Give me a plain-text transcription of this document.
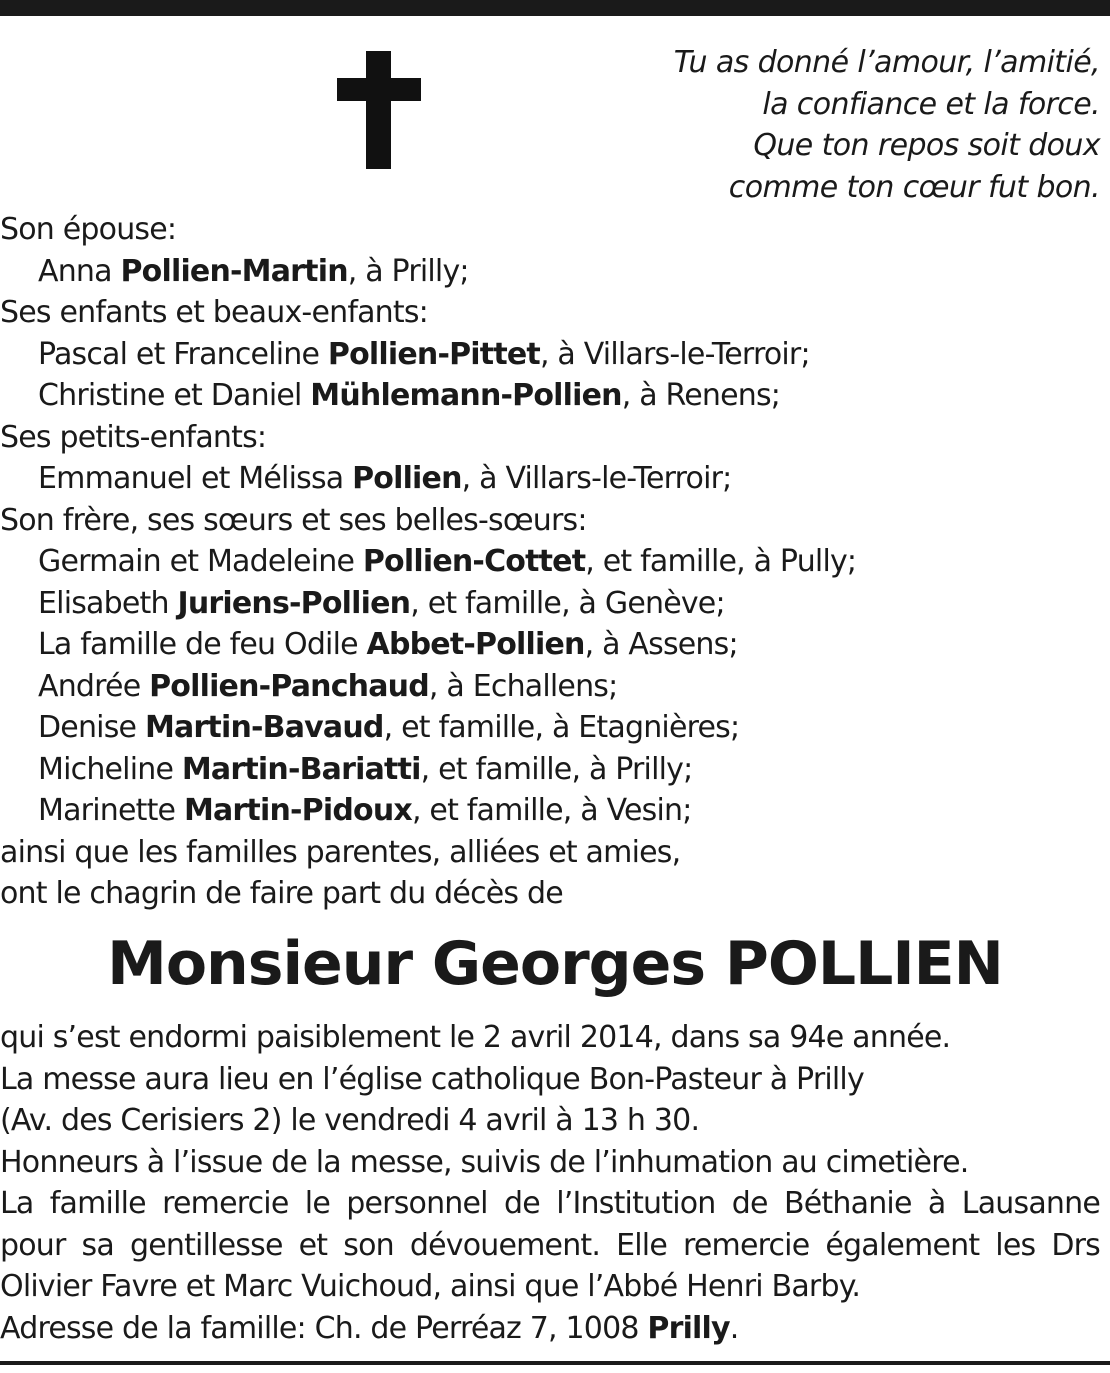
Tu as donné l’amour, l’amitié,
la confiance et la force.
Que ton repos soit doux
comme ton cœur fut bon.
Son épouse:
Anna Pollien-Martin, à Prilly;
Ses enfants et beaux-enfants:
Pascal et Franceline Pollien-Pittet, à Villars-le-Terroir;
Christine et Daniel Mühlemann-Pollien, à Renens;
Ses petits-enfants:
Emmanuel et Mélissa Pollien, à Villars-le-Terroir;
Son frère, ses sœurs et ses belles-sœurs:
Germain et Madeleine Pollien-Cottet, et famille, à Pully;
Elisabeth Juriens-Pollien, et famille, à Genève;
La famille de feu Odile Abbet-Pollien, à Assens;
Andrée Pollien-Panchaud, à Echallens;
Denise Martin-Bavaud, et famille, à Etagnières;
Micheline Martin-Bariatti, et famille, à Prilly;
Marinette Martin-Pidoux, et famille, à Vesin;
ainsi que les familles parentes, alliées et amies,
ont le chagrin de faire part du décès de
Monsieur Georges POLLIEN
qui s’est endormi paisiblement le 2 avril 2014, dans sa 94e année.
La messe aura lieu en l’église catholique Bon-Pasteur à Prilly
(Av. des Cerisiers 2) le vendredi 4 avril à 13 h 30.
Honneurs à l’issue de la messe, suivis de l’inhumation au cimetière.
La famille remercie le personnel de l’Institution de Béthanie à Lausanne
pour sa gentillesse et son dévouement. Elle remercie également les Drs
Olivier Favre et Marc Vuichoud, ainsi que l’Abbé Henri Barby.
Adresse de la famille: Ch. de Perréaz 7, 1008 Prilly.
